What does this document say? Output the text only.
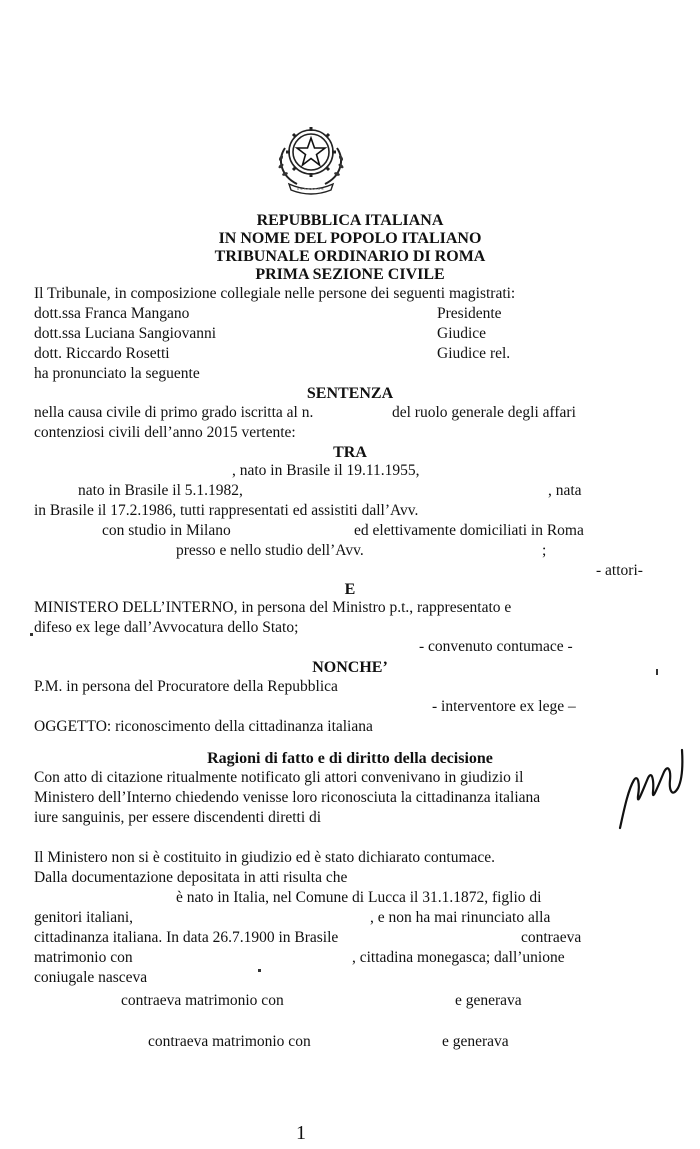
REPUBBLICA ITALIANA
IN NOME DEL POPOLO ITALIANO
TRIBUNALE ORDINARIO DI ROMA
PRIMA SEZIONE CIVILE
Il Tribunale, in composizione collegiale nelle persone dei seguenti magistrati:
dott.ssa Franca Mangano	Presidente
dott.ssa Luciana Sangiovanni	Giudice
dott. Riccardo Rosetti	Giudice rel.
ha pronunciato la seguente
SENTENZA
nella causa civile di primo grado iscritta al n.	del ruolo generale degli affari
contenziosi civili dell’anno 2015 vertente:
TRA
, nato in Brasile il 19.11.1955,
nato in Brasile il 5.1.1982,	, nata
in Brasile il 17.2.1986, tutti rappresentati ed assistiti dall’Avv.
con studio in Milano	ed elettivamente domiciliati in Roma
presso e nello studio dell’Avv.	;
- attori-
E
MINISTERO DELL’INTERNO, in persona del Ministro p.t., rappresentato e
difeso ex lege dall’Avvocatura dello Stato;
- convenuto contumace -
NONCHE’
P.M. in persona del Procuratore della Repubblica
- interventore ex lege –
OGGETTO: riconoscimento della cittadinanza italiana
Ragioni di fatto e di diritto della decisione
Con atto di citazione ritualmente notificato gli attori convenivano in giudizio il
Ministero dell’Interno chiedendo venisse loro riconosciuta la cittadinanza italiana
iure sanguinis, per essere discendenti diretti di
Il Ministero non si è costituito in giudizio ed è stato dichiarato contumace.
Dalla documentazione depositata in atti risulta che
è nato in Italia, nel Comune di Lucca il 31.1.1872, figlio di
genitori italiani,	, e non ha mai rinunciato alla
cittadinanza italiana. In data 26.7.1900 in Brasile	contraeva
matrimonio con	, cittadina monegasca; dall’unione
coniugale nasceva
contraeva matrimonio con	e generava
contraeva matrimonio con	e generava
1
